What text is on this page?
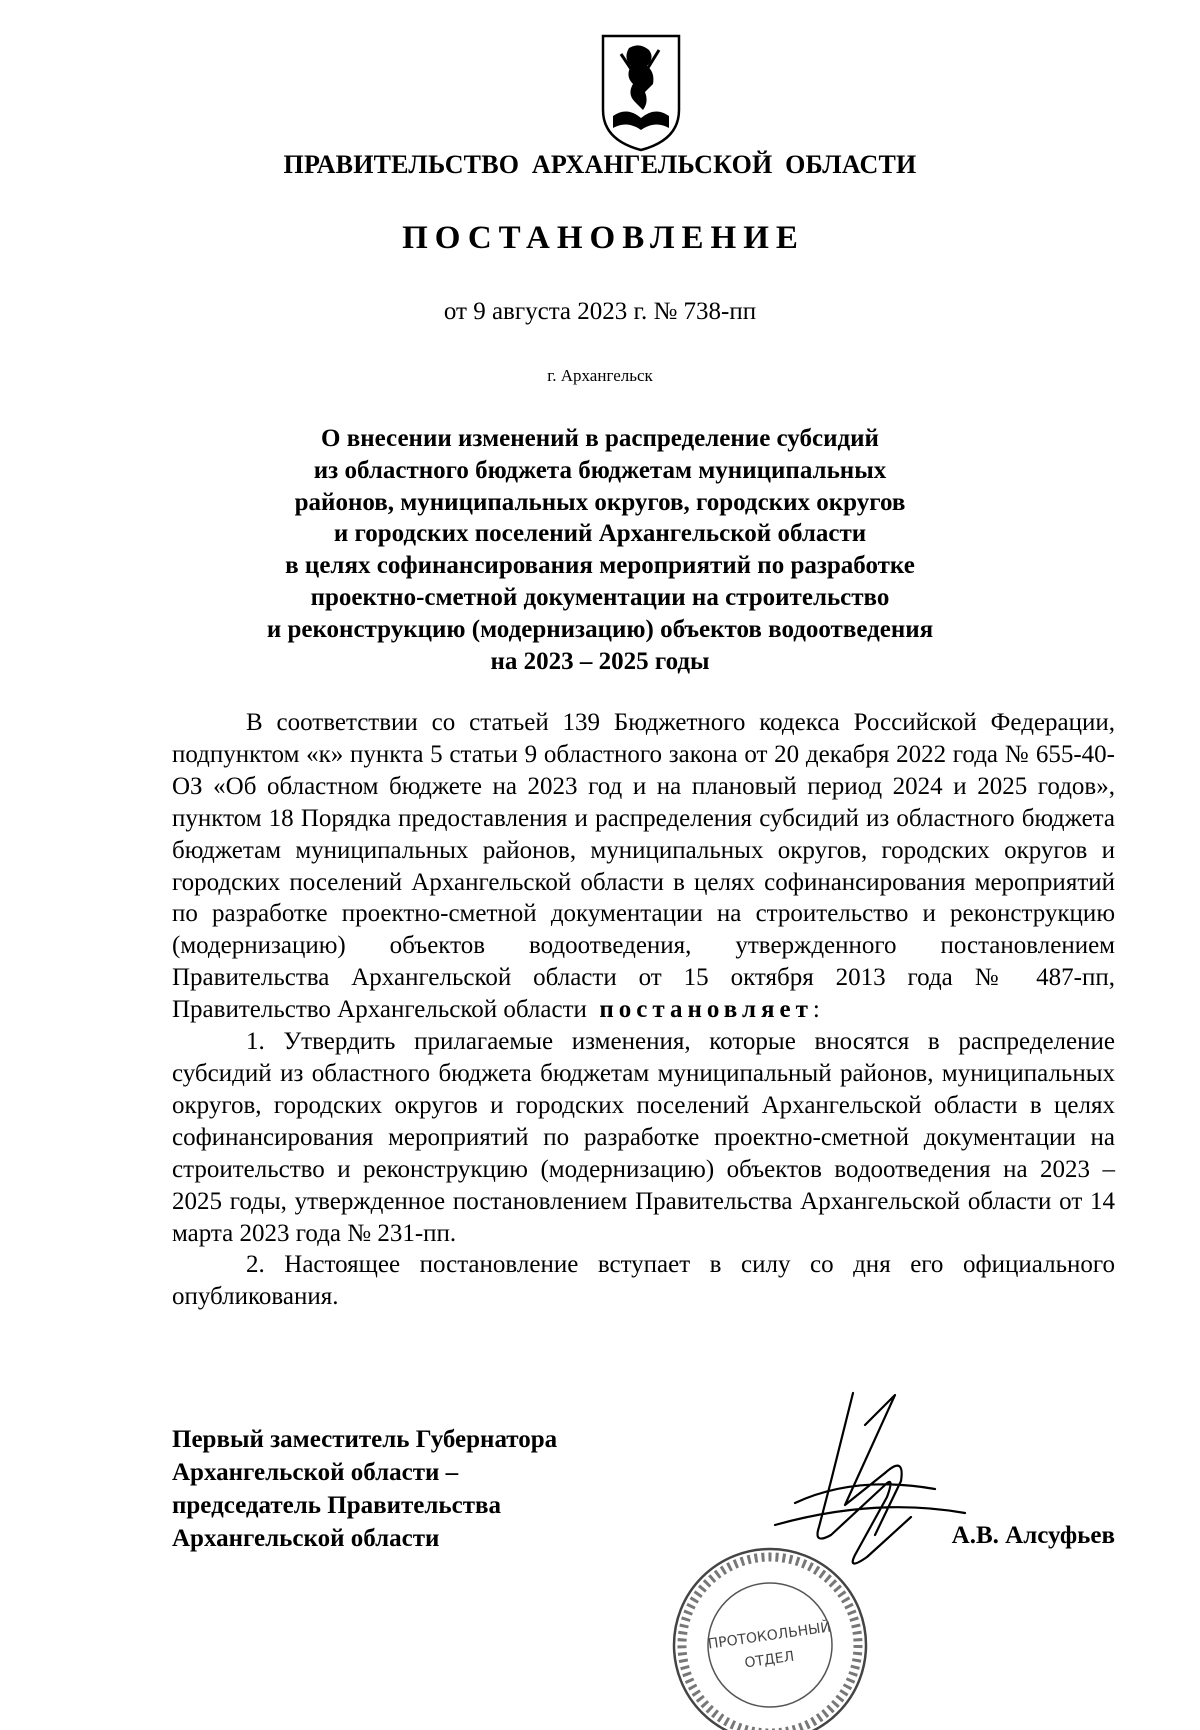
ПРАВИТЕЛЬСТВО АРХАНГЕЛЬСКОЙ ОБЛАСТИ
ПОСТАНОВЛЕНИЕ
от 9 августа 2023 г. № 738-пп
г. Архангельск
О внесении изменений в распределение субсидий
из областного бюджета бюджетам муниципальных
районов, муниципальных округов, городских округов
и городских поселений Архангельской области
в целях софинансирования мероприятий по разработке
проектно-сметной документации на строительство
и реконструкцию (модернизацию) объектов водоотведения
на 2023 – 2025 годы

В соответствии со статьей 139 Бюджетного кодекса Российской Федерации, подпунктом «к» пункта 5 статьи 9 областного закона от 20 декабря 2022 года № 655-40-ОЗ «Об областном бюджете на 2023 год и на плановый период 2024 и 2025 годов», пунктом 18 Порядка предоставления и распределения субсидий из областного бюджета бюджетам муниципальных районов, муниципальных округов, городских округов и городских поселений Архангельской области в целях софинансирования мероприятий по разработке проектно-сметной документации на строительство и реконструкцию (модернизацию) объектов водоотведения, утвержденного постановлением Правительства Архангельской области от 15 октября 2013 года № 487-пп, Правительство Архангельской области постановляет:

1. Утвердить прилагаемые изменения, которые вносятся в распределение субсидий из областного бюджета бюджетам муниципальный районов, муниципальных округов, городских округов и городских поселений Архангельской области в целях софинансирования мероприятий по разработке проектно-сметной документации на строительство и реконструкцию (модернизацию) объектов водоотведения на 2023 – 2025 годы, утвержденное постановлением Правительства Архангельской области от 14 марта 2023 года № 231-пп.

2. Настоящее постановление вступает в силу со дня его официального опубликования.

Первый заместитель Губернатора
Архангельской области –
председатель Правительства
Архангельской области
ПРОТОКОЛЬНЫЙ
ОТДЕЛ
А.В. Алсуфьев
